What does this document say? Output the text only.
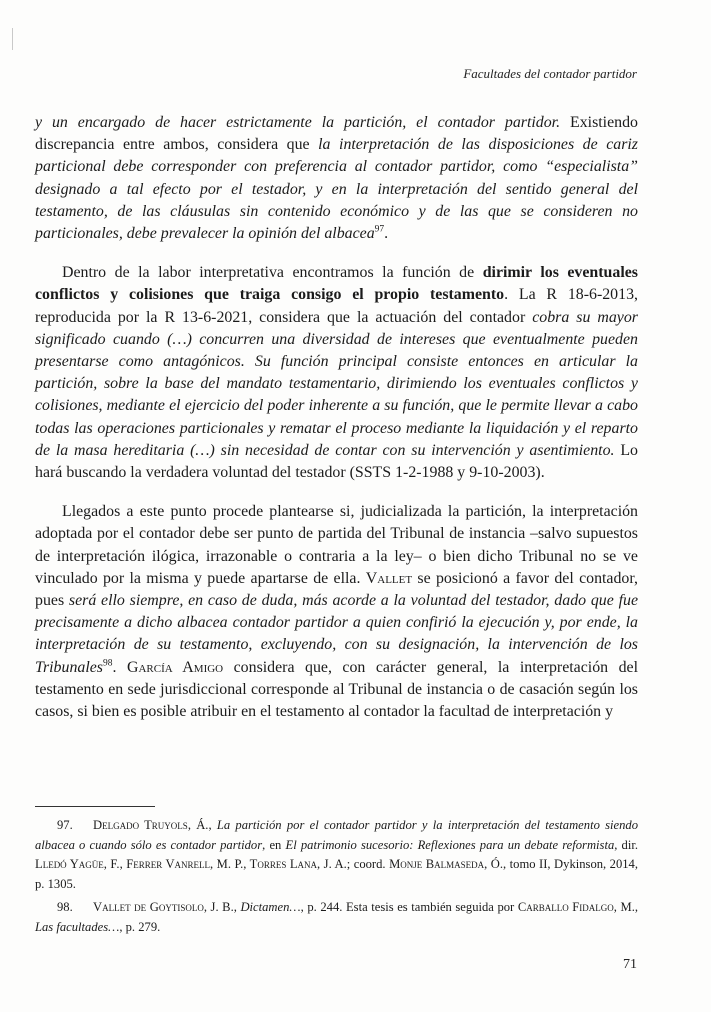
Facultades del contador partidor

y un encargado de hacer estrictamente la partición, el contador partidor. Existiendo discrepancia entre ambos, considera que la interpretación de las disposiciones de cariz particional debe corresponder con preferencia al contador partidor, como “especialista” designado a tal efecto por el testador, y en la interpretación del sentido general del testamento, de las cláusulas sin contenido económico y de las que se consideren no particionales, debe prevalecer la opinión del albacea$^{97}$.

Dentro de la labor interpretativa encontramos la función de dirimir los eventuales conflictos y colisiones que traiga consigo el propio testamento. La R 18-6-2013, reproducida por la R 13-6-2021, considera que la actuación del contador cobra su mayor significado cuando (…) concurren una diversidad de intereses que eventualmente pueden presentarse como antagónicos. Su función principal consiste entonces en articular la partición, sobre la base del mandato testamentario, dirimiendo los eventuales conflictos y colisiones, mediante el ejercicio del poder inherente a su función, que le permite llevar a cabo todas las operaciones particionales y rematar el proceso mediante la liquidación y el reparto de la masa hereditaria (…) sin necesidad de contar con su intervención y asentimiento. Lo hará buscando la verdadera voluntad del testador (SSTS 1-2-1988 y 9-10-2003).

Llegados a este punto procede plantearse si, judicializada la partición, la interpretación adoptada por el contador debe ser punto de partida del Tribunal de instancia –salvo supuestos de interpretación ilógica, irrazonable o contraria a la ley– o bien dicho Tribunal no se ve vinculado por la misma y puede apartarse de ella. Vallet se posicionó a favor del contador, pues será ello siempre, en caso de duda, más acorde a la voluntad del testador, dado que fue precisamente a dicho albacea contador partidor a quien confirió la ejecución y, por ende, la interpretación de su testamento, excluyendo, con su designación, la intervención de los Tribunales$^{98}$. García Amigo considera que, con carácter general, la interpretación del testamento en sede jurisdiccional corresponde al Tribunal de instancia o de casación según los casos, si bien es posible atribuir en el testamento al contador la facultad de interpretación y

97. Delgado Truyols, Á., La partición por el contador partidor y la interpretación del testamento siendo albacea o cuando sólo es contador partidor, en El patrimonio sucesorio: Reflexiones para un debate reformista, dir. Lledó Yagüe, F., Ferrer Vanrell, M. P., Torres Lana, J. A.; coord. Monje Balmaseda, Ó., tomo II, Dykinson, 2014, p. 1305.

98. Vallet de Goytisolo, J. B., Dictamen…, p. 244. Esta tesis es también seguida por Carballo Fidalgo, M., Las facultades…, p. 279.

71
